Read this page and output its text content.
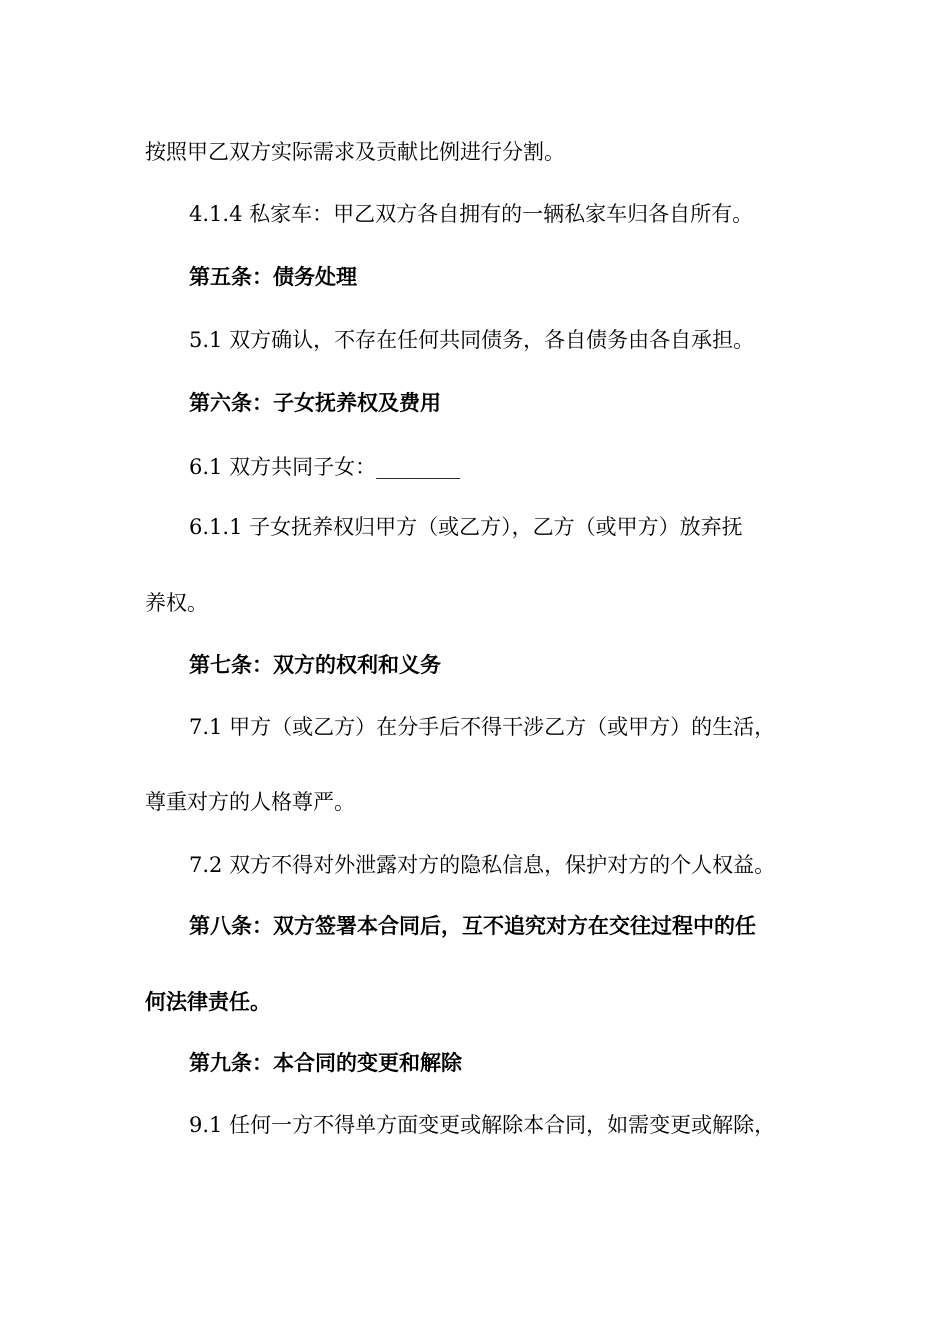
按照甲乙双方实际需求及贡献比例进行分割。
4.1.4 私家车：甲乙双方各自拥有的一辆私家车归各自所有。
第五条：债务处理
5.1 双方确认，不存在任何共同债务，各自债务由各自承担。
第六条：子女抚养权及费用
6.1 双方共同子女：________
6.1.1 子女抚养权归甲方（或乙方），乙方（或甲方）放弃抚
养权。
第七条：双方的权利和义务
7.1 甲方（或乙方）在分手后不得干涉乙方（或甲方）的生活，
尊重对方的人格尊严。
7.2 双方不得对外泄露对方的隐私信息，保护对方的个人权益。
第八条：双方签署本合同后，互不追究对方在交往过程中的任
何法律责任。
第九条：本合同的变更和解除
9.1 任何一方不得单方面变更或解除本合同，如需变更或解除，
